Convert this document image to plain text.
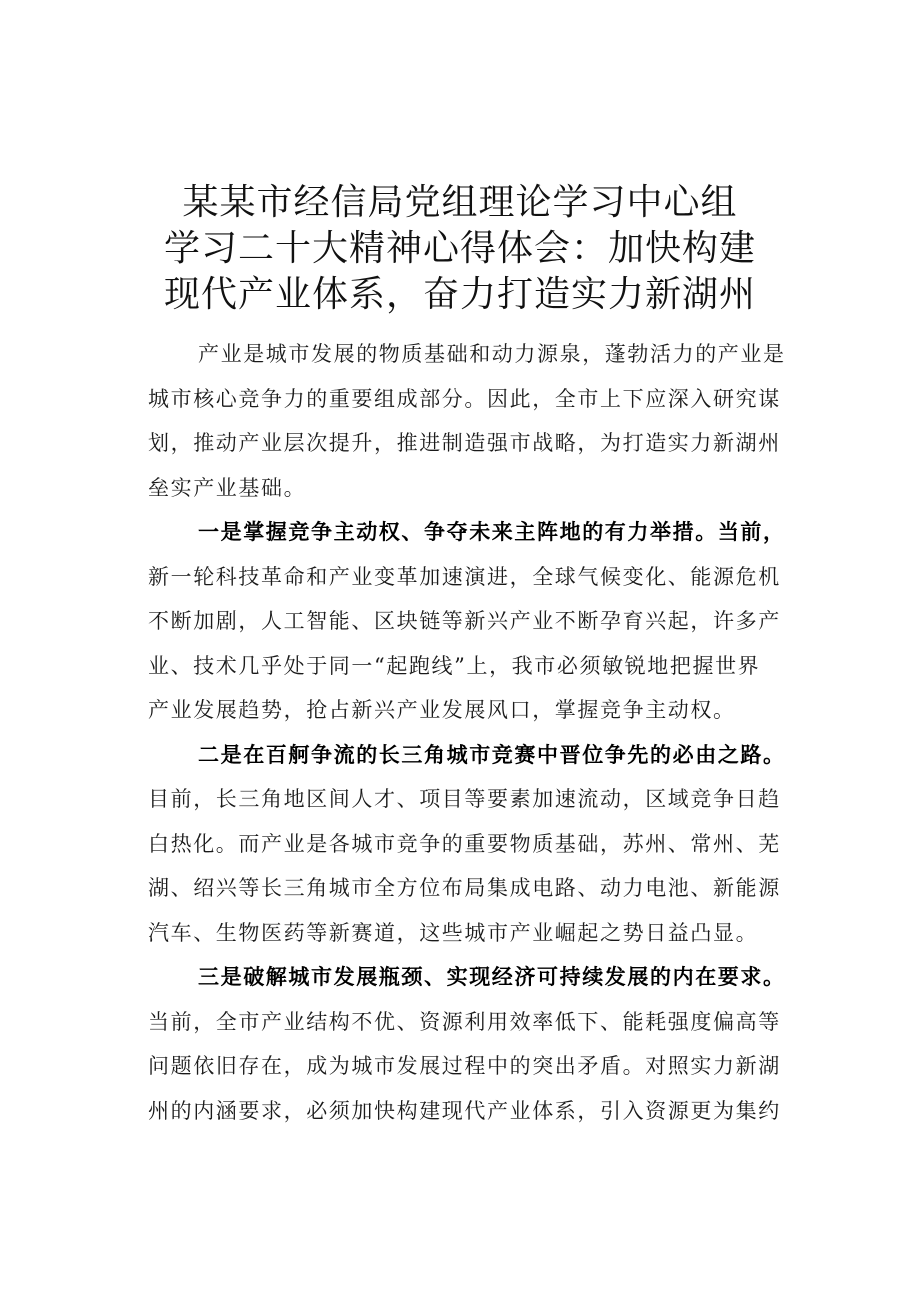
某某市经信局党组理论学习中心组
学习二十大精神心得体会：加快构建
现代产业体系，奋力打造实力新湖州
产业是城市发展的物质基础和动力源泉，蓬勃活力的产业是
城市核心竞争力的重要组成部分。因此，全市上下应深入研究谋
划，推动产业层次提升，推进制造强市战略，为打造实力新湖州
垒实产业基础。
一是掌握竞争主动权、争夺未来主阵地的有力举措。当前，
新一轮科技革命和产业变革加速演进，全球气候变化、能源危机
不断加剧，人工智能、区块链等新兴产业不断孕育兴起，许多产
业、技术几乎处于同一“起跑线”上，我市必须敏锐地把握世界
产业发展趋势，抢占新兴产业发展风口，掌握竞争主动权。
二是在百舸争流的长三角城市竞赛中晋位争先的必由之路。
目前，长三角地区间人才、项目等要素加速流动，区域竞争日趋
白热化。而产业是各城市竞争的重要物质基础，苏州、常州、芜
湖、绍兴等长三角城市全方位布局集成电路、动力电池、新能源
汽车、生物医药等新赛道，这些城市产业崛起之势日益凸显。
三是破解城市发展瓶颈、实现经济可持续发展的内在要求。
当前，全市产业结构不优、资源利用效率低下、能耗强度偏高等
问题依旧存在，成为城市发展过程中的突出矛盾。对照实力新湖
州的内涵要求，必须加快构建现代产业体系，引入资源更为集约
